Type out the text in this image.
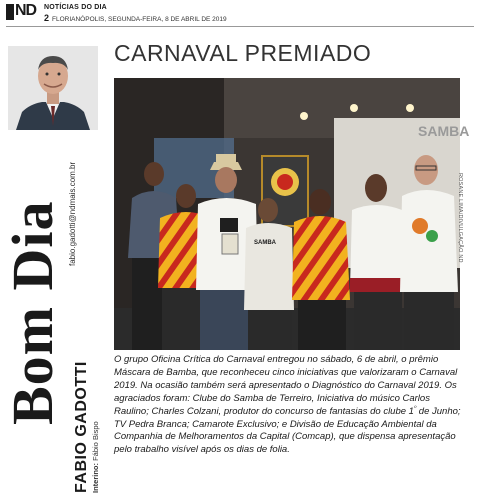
ND NOTÍCIAS DO DIA
2 FLORIANÓPOLIS, SEGUNDA-FEIRA, 8 DE ABRIL DE 2019
Bom Dia fabio.gadotti@ndmais.com.br
FABIO GADOTTI Interino: Fábio Bispo
CARNAVAL PREMIADO
SAMBA
SAMBA	ROSANE LIMA/DIVULGAÇÃO ND
O grupo Oficina Crítica do Carnaval entregou no sábado, 6 de abril, o prêmio Máscara de Bamba, que reconheceu cinco iniciativas que valorizaram o Carnaval 2019. Na ocasião também será apresentado o Diagnóstico do Carnaval 2019. Os agraciados foram: Clube do Samba de Terreiro, Iniciativa do músico Carlos Raulino; Charles Colzani, produtor do concurso de fantasias do clube $1^º$ de Junho; TV Pedra Branca; Camarote Exclusivo; e Divisão de Educação Ambiental da Companhia de Melhoramentos da Capital (Comcap), que dispensa apresentação pelo trabalho visível após os dias de folia.
